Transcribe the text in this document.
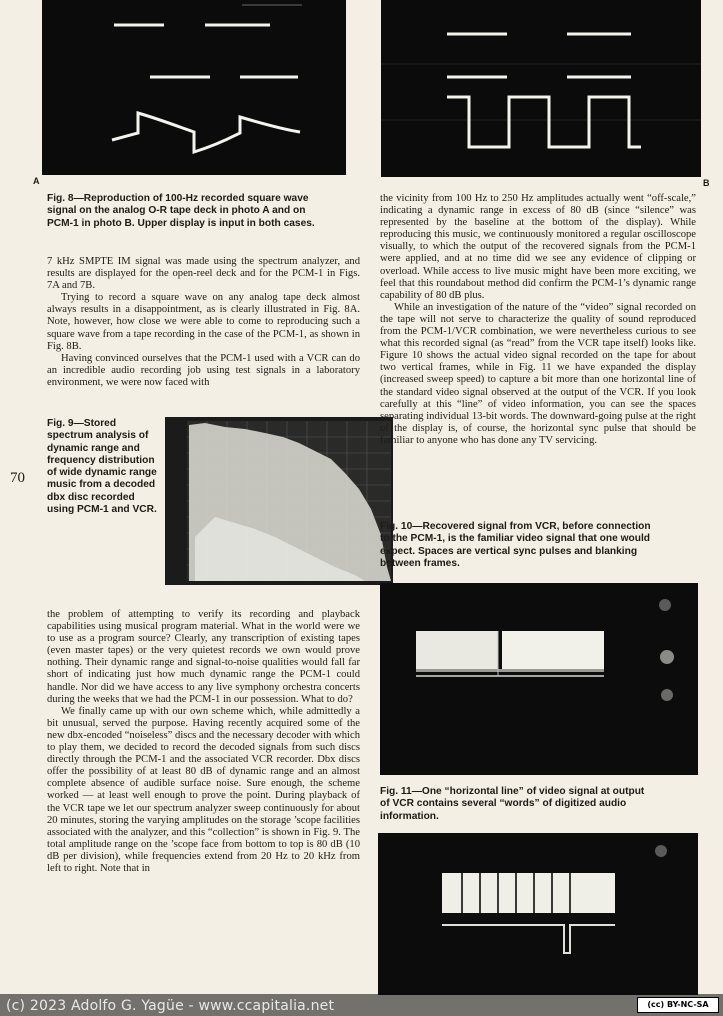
A	B

Fig. 8—Reproduction of 100-Hz recorded square wave signal on the analog O-R tape deck in photo A and on PCM-1 in photo B. Upper display is input in both cases.

7 kHz SMPTE IM signal was made using the spectrum analyzer, and results are displayed for the open-reel deck and for the PCM-1 in Figs. 7A and 7B.

Trying to record a square wave on any analog tape deck almost always results in a disappointment, as is clearly illustrated in Fig. 8A. Note, however, how close we were able to come to reproducing such a square wave from a tape recording in the case of the PCM-1, as shown in Fig. 8B.

Having convinced ourselves that the PCM-1 used with a VCR can do an incredible audio recording job using test signals in a laboratory environment, we were now faced with

70

Fig. 9—Stored spectrum analysis of dynamic range and frequency distribution of wide dynamic range music from a decoded dbx disc recorded using PCM-1 and VCR.

the problem of attempting to verify its recording and playback capabilities using musical program material. What in the world were we to use as a program source? Clearly, any transcription of existing tapes (even master tapes) or the very quietest records we own would prove nothing. Their dynamic range and signal-to-noise qualities would fall far short of indicating just how much dynamic range the PCM-1 could handle. Nor did we have access to any live symphony orchestra concerts during the weeks that we had the PCM-1 in our possession. What to do?

We finally came up with our own scheme which, while admittedly a bit unusual, served the purpose. Having recently acquired some of the new dbx-encoded “noiseless” discs and the necessary decoder with which to play them, we decided to record the decoded signals from such discs directly through the PCM-1 and the associated VCR recorder. Dbx discs offer the possibility of at least 80 dB of dynamic range and an almost complete absence of audible surface noise. Sure enough, the scheme worked — at least well enough to prove the point. During playback of the VCR tape we let our spectrum analyzer sweep continuously for about 20 minutes, storing the varying amplitudes on the storage ’scope facilities associated with the analyzer, and this “collection” is shown in Fig. 9. The total amplitude range on the ’scope face from bottom to top is 80 dB (10 dB per division), while frequencies extend from 20 Hz to 20 kHz from left to right. Note that in

the vicinity from 100 Hz to 250 Hz amplitudes actually went “off-scale,” indicating a dynamic range in excess of 80 dB (since “silence” was represented by the baseline at the bottom of the display). While reproducing this music, we continuously monitored a regular oscilloscope visually, to which the output of the recovered signals from the PCM-1 were applied, and at no time did we see any evidence of clipping or overload. While access to live music might have been more exciting, we feel that this roundabout method did confirm the PCM-1’s dynamic range capability of 80 dB plus.

While an investigation of the nature of the “video” signal recorded on the tape will not serve to characterize the quality of sound reproduced from the PCM-1/VCR combination, we were nevertheless curious to see what this recorded signal (as “read” from the VCR tape itself) looks like. Figure 10 shows the actual video signal recorded on the tape for about two vertical frames, while in Fig. 11 we have expanded the display (increased sweep speed) to capture a bit more than one horizontal line of the standard video signal observed at the output of the VCR. If you look carefully at this “line” of video information, you can see the spaces separating individual 13-bit words. The downward-going pulse at the right of the display is, of course, the horizontal sync pulse that should be familiar to anyone who has done any TV servicing.

Fig. 10—Recovered signal from VCR, before connection to the PCM-1, is the familiar video signal that one would expect. Spaces are vertical sync pulses and blanking between frames.

Fig. 11—One “horizontal line” of video signal at output of VCR contains several “words” of digitized audio information.

(c) 2023 Adolfo G. Yagüe - www.ccapitalia.net	(cc) BY-NC-SA
